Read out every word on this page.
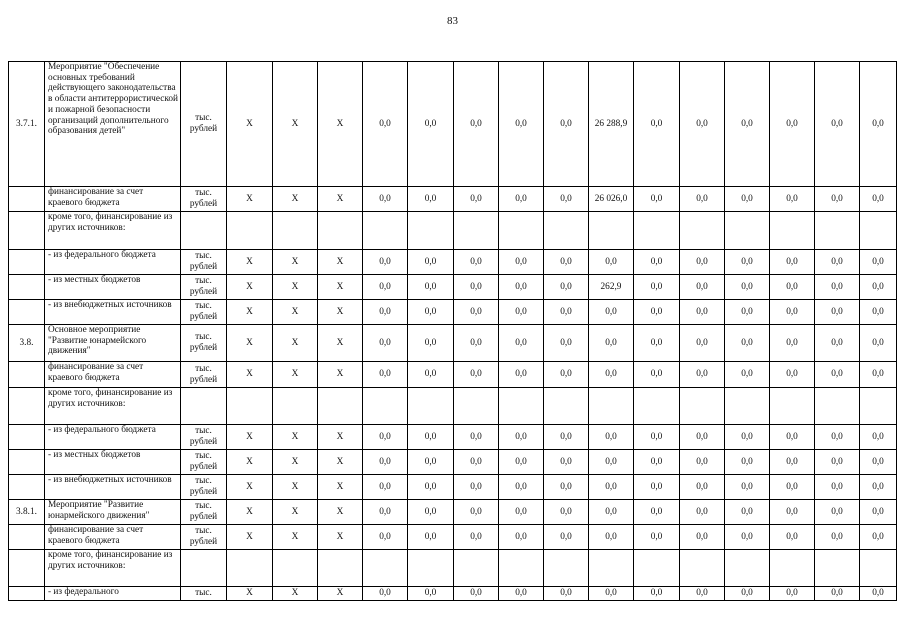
83
3.7.1.	Мероприятие "Обеспечение основных требований действующего законодательства в области антитеррористической и пожарной безопасности организаций дополнительного образования детей"	тыс. рублей	X	X	X	0,0	0,0	0,0	0,0	0,0	26 288,9	0,0	0,0	0,0	0,0	0,0	0,0
	финансирование за счет краевого бюджета	тыс. рублей	X	X	X	0,0	0,0	0,0	0,0	0,0	26 026,0	0,0	0,0	0,0	0,0	0,0	0,0
	кроме того, финансирование из других источников:																
	- из федерального бюджета	тыс. рублей	X	X	X	0,0	0,0	0,0	0,0	0,0	0,0	0,0	0,0	0,0	0,0	0,0	0,0
	- из местных бюджетов	тыс. рублей	X	X	X	0,0	0,0	0,0	0,0	0,0	262,9	0,0	0,0	0,0	0,0	0,0	0,0
	- из внебюджетных источников	тыс. рублей	X	X	X	0,0	0,0	0,0	0,0	0,0	0,0	0,0	0,0	0,0	0,0	0,0	0,0
3.8.	Основное мероприятие "Развитие юнармейского движения"	тыс. рублей	X	X	X	0,0	0,0	0,0	0,0	0,0	0,0	0,0	0,0	0,0	0,0	0,0	0,0
	финансирование за счет краевого бюджета	тыс. рублей	X	X	X	0,0	0,0	0,0	0,0	0,0	0,0	0,0	0,0	0,0	0,0	0,0	0,0
	кроме того, финансирование из других источников:																
	- из федерального бюджета	тыс. рублей	X	X	X	0,0	0,0	0,0	0,0	0,0	0,0	0,0	0,0	0,0	0,0	0,0	0,0
	- из местных бюджетов	тыс. рублей	X	X	X	0,0	0,0	0,0	0,0	0,0	0,0	0,0	0,0	0,0	0,0	0,0	0,0
	- из внебюджетных источников	тыс. рублей	X	X	X	0,0	0,0	0,0	0,0	0,0	0,0	0,0	0,0	0,0	0,0	0,0	0,0
3.8.1.	Мероприятие "Развитие юнармейского движения"	тыс. рублей	X	X	X	0,0	0,0	0,0	0,0	0,0	0,0	0,0	0,0	0,0	0,0	0,0	0,0
	финансирование за счет краевого бюджета	тыс. рублей	X	X	X	0,0	0,0	0,0	0,0	0,0	0,0	0,0	0,0	0,0	0,0	0,0	0,0
	кроме того, финансирование из других источников:																
	- из федерального	тыс.	X	X	X	0,0	0,0	0,0	0,0	0,0	0,0	0,0	0,0	0,0	0,0	0,0	0,0
